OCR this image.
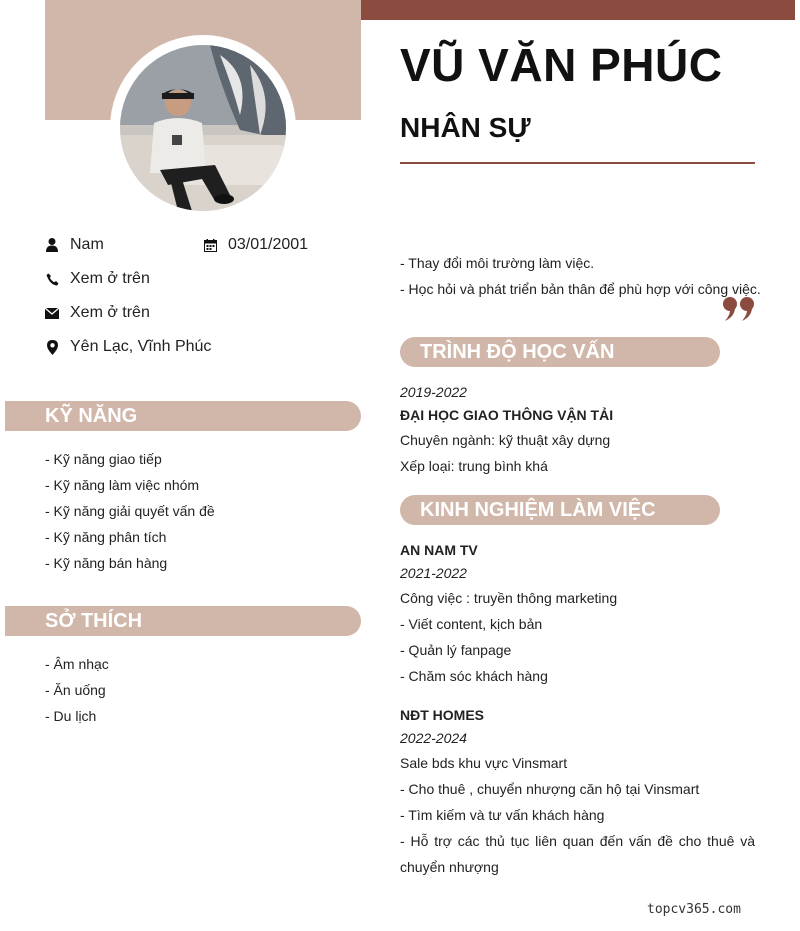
VŨ VĂN PHÚC
NHÂN SỰ
Nam	03/01/2001
Xem ở trên
Xem ở trên
Yên Lạc, Vĩnh Phúc
KỸ NĂNG
- Kỹ năng giao tiếp
- Kỹ năng làm việc nhóm
- Kỹ năng giải quyết vấn đề
- Kỹ năng phân tích
- Kỹ năng bán hàng
SỞ THÍCH
- Âm nhạc
- Ăn uống
- Du lịch
- Thay đổi môi trường làm việc.
- Học hỏi và phát triển bản thân để phù hợp với công việc.
TRÌNH ĐỘ HỌC VẤN
2019-2022
ĐẠI HỌC GIAO THÔNG VẬN TẢI
Chuyên ngành: kỹ thuật xây dựng
Xếp loại: trung bình khá
KINH NGHIỆM LÀM VIỆC
AN NAM TV
2021-2022
Công việc : truyền thông marketing
- Viết content, kịch bản
- Quản lý fanpage
- Chăm sóc khách hàng
NĐT HOMES
2022-2024
Sale bds khu vực Vinsmart
- Cho thuê , chuyển nhượng căn hộ tại Vinsmart
- Tìm kiếm và tư vấn khách hàng
- Hỗ trợ các thủ tục liên quan đến vấn đề cho thuê và chuyển nhượng
topcv365.com
